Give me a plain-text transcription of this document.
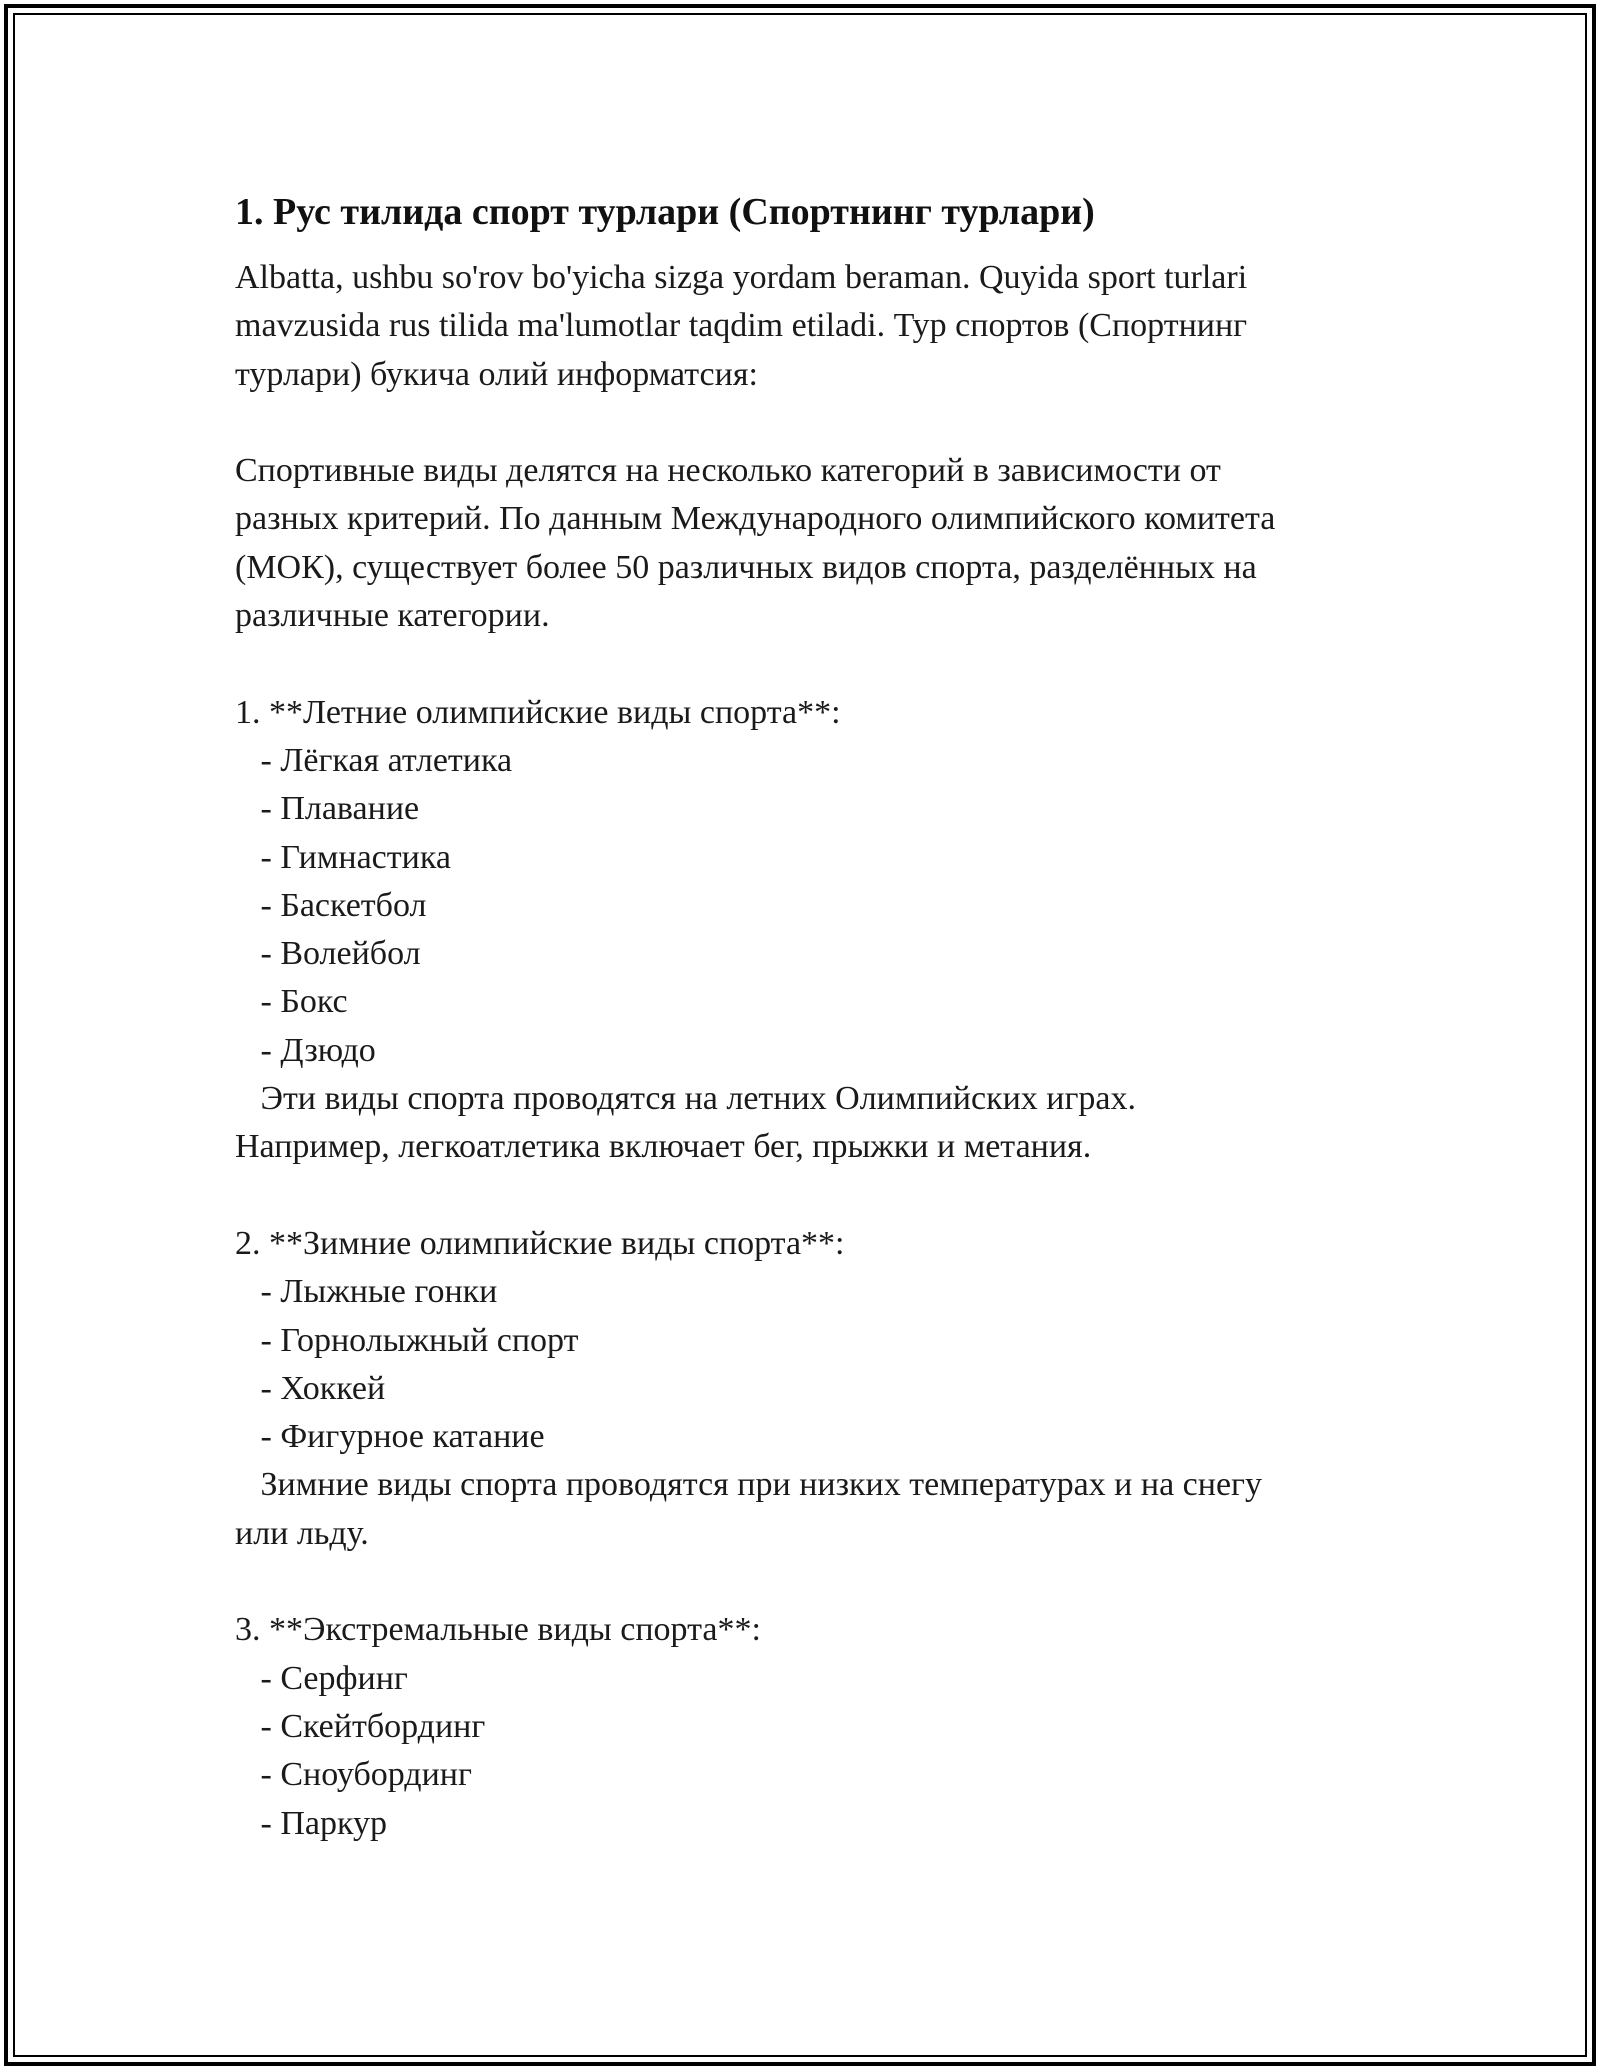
1. Рус тилида спорт турлари (Спортнинг турлари)

Albatta, ushbu so'rov bo'yicha sizga yordam beraman. Quyida sport turlari

mavzusida rus tilida ma'lumotlar taqdim etiladi. Тур спортов (Спортнинг

турлари) букича олий информатсия:

Спортивные виды делятся на несколько категорий в зависимости от

разных критерий. По данным Международного олимпийского комитета

(МОК), существует более 50 различных видов спорта, разделённых на

различные категории.

1. **Летние олимпийские виды спорта**:

- Лёгкая атлетика

- Плавание

- Гимнастика

- Баскетбол

- Волейбол

- Бокс

- Дзюдо

Эти виды спорта проводятся на летних Олимпийских играх.

Например, легкоатлетика включает бег, прыжки и метания.

2. **Зимние олимпийские виды спорта**:

- Лыжные гонки

- Горнолыжный спорт

- Хоккей

- Фигурное катание

Зимние виды спорта проводятся при низких температурах и на снегу

или льду.

3. **Экстремальные виды спорта**:

- Серфинг

- Скейтбординг

- Сноубординг

- Паркур
